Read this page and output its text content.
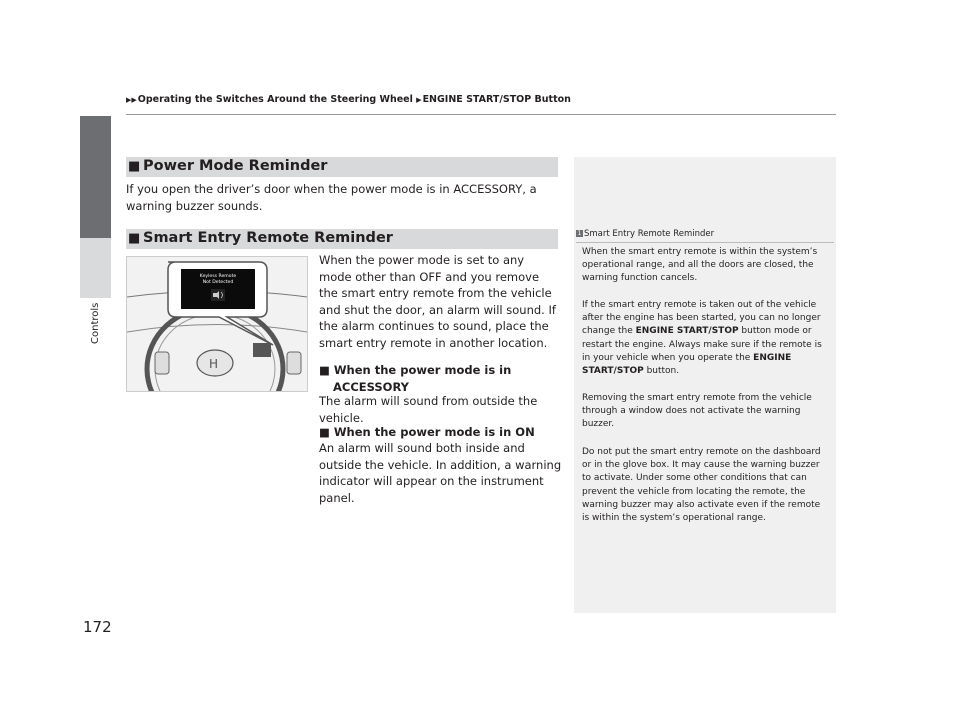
▶▶Operating the Switches Around the Steering Wheel ▶ENGINE START/STOP Button
Controls
172
■ Power Mode Reminder
If you open the driver’s door when the power mode is in ACCESSORY, a warning buzzer sounds.
■ Smart Entry Remote Reminder
H
Keyless Remote
Not Detected
When the power mode is set to any mode other than OFF and you remove the smart entry remote from the vehicle and shut the door, an alarm will sound. If the alarm continues to sound, place the smart entry remote in another location.
■ When the power mode is in
ACCESSORY
The alarm will sound from outside the vehicle.
■ When the power mode is in ON
An alarm will sound both inside and outside the vehicle. In addition, a warning indicator will appear on the instrument panel.
1 Smart Entry Remote Reminder
When the smart entry remote is within the system’s operational range, and all the doors are closed, the warning function cancels.
If the smart entry remote is taken out of the vehicle after the engine has been started, you can no longer change the ENGINE START/STOP button mode or restart the engine. Always make sure if the remote is in your vehicle when you operate the ENGINE START/STOP button.
Removing the smart entry remote from the vehicle through a window does not activate the warning buzzer.
Do not put the smart entry remote on the dashboard or in the glove box. It may cause the warning buzzer to activate. Under some other conditions that can prevent the vehicle from locating the remote, the warning buzzer may also activate even if the remote is within the system’s operational range.
